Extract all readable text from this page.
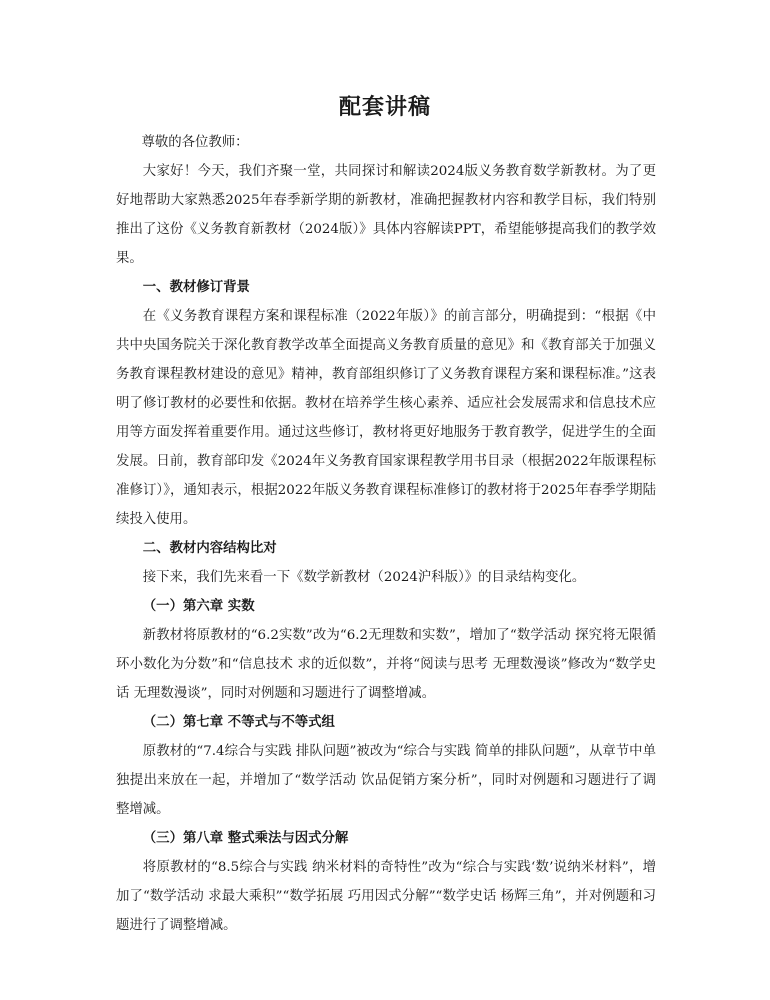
配套讲稿

尊敬的各位教师：

大家好！今天，我们齐聚一堂，共同探讨和解读2024版义务教育数学新教材。为了更好地帮助大家熟悉2025年春季新学期的新教材，准确把握教材内容和教学目标，我们特别推出了这份《义务教育新教材（2024版）》具体内容解读PPT，希望能够提高我们的教学效果。

一、教材修订背景

在《义务教育课程方案和课程标准（2022年版）》的前言部分，明确提到：“根据《中共中央国务院关于深化教育教学改革全面提高义务教育质量的意见》和《教育部关于加强义务教育课程教材建设的意见》精神，教育部组织修订了义务教育课程方案和课程标准。”这表明了修订教材的必要性和依据。教材在培养学生核心素养、适应社会发展需求和信息技术应用等方面发挥着重要作用。通过这些修订，教材将更好地服务于教育教学，促进学生的全面发展。日前，教育部印发《2024年义务教育国家课程教学用书目录（根据2022年版课程标准修订）》，通知表示，根据2022年版义务教育课程标准修订的教材将于2025年春季学期陆续投入使用。

二、教材内容结构比对

接下来，我们先来看一下《数学新教材（2024沪科版）》的目录结构变化。

（一）第六章 实数

新教材将原教材的“6.2实数”改为“6.2无理数和实数”，增加了“数学活动 探究将无限循环小数化为分数”和“信息技术 求的近似数”，并将“阅读与思考 无理数漫谈”修改为“数学史话 无理数漫谈”，同时对例题和习题进行了调整增减。

（二）第七章 不等式与不等式组

原教材的“7.4综合与实践 排队问题”被改为“综合与实践 简单的排队问题”，从章节中单独提出来放在一起，并增加了“数学活动 饮品促销方案分析”，同时对例题和习题进行了调整增减。

（三）第八章 整式乘法与因式分解

将原教材的“8.5综合与实践 纳米材料的奇特性”改为“综合与实践‘数’说纳米材料”，增加了“数学活动 求最大乘积”“数学拓展 巧用因式分解”“数学史话 杨辉三角”，并对例题和习题进行了调整增减。
